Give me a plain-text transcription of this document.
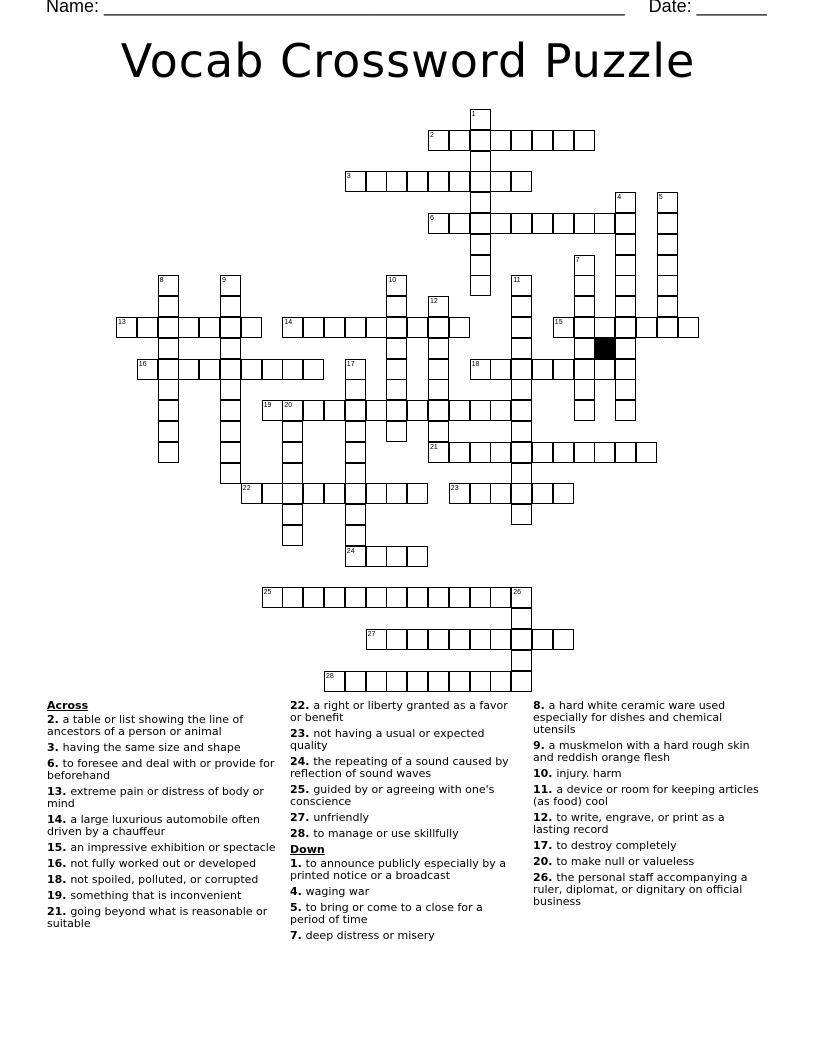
Name: ____________________________________________________ Date: _______
Vocab Crossword Puzzle
2
3
6
13	14	15
16	18
19
21
22	23
24
25
27
28
1
4	5
7
8	9	10	11
12
17
20
26
Across
2. a table or list showing the line of ancestors of a person or animal
3. having the same size and shape
6. to foresee and deal with or provide for beforehand
13. extreme pain or distress of body or mind
14. a large luxurious automobile often driven by a chauffeur
15. an impressive exhibition or spectacle
16. not fully worked out or developed
18. not spoiled, polluted, or corrupted
19. something that is inconvenient
21. going beyond what is reasonable or suitable
22. a right or liberty granted as a favor or benefit
23. not having a usual or expected quality
24. the repeating of a sound caused by reflection of sound waves
25. guided by or agreeing with one's conscience
27. unfriendly
28. to manage or use skillfully
Down
1. to announce publicly especially by a printed notice or a broadcast
4. waging war
5. to bring or come to a close for a period of time
7. deep distress or misery
8. a hard white ceramic ware used especially for dishes and chemical utensils
9. a muskmelon with a hard rough skin and reddish orange flesh
10. injury. harm
11. a device or room for keeping articles (as food) cool
12. to write, engrave, or print as a lasting record
17. to destroy completely
20. to make null or valueless
26. the personal staff accompanying a ruler, diplomat, or dignitary on official business
